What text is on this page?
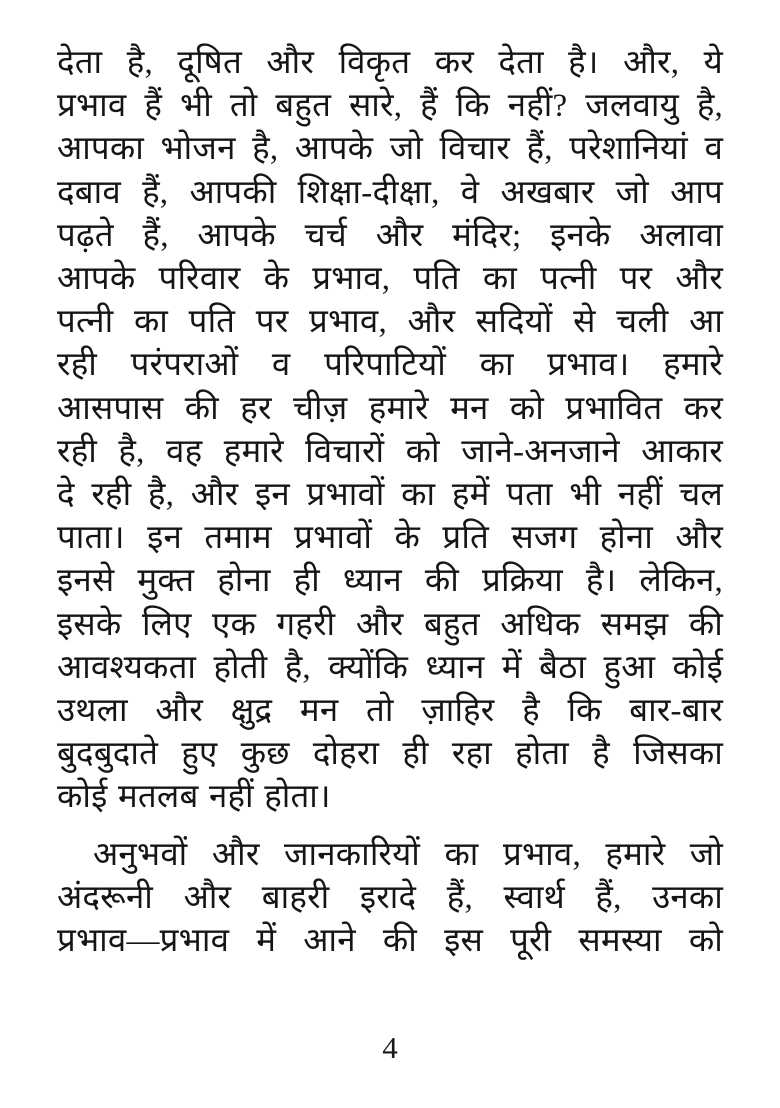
देता है, दूषित और विकृत कर देता है। और, ये
प्रभाव हैं भी तो बहुत सारे, हैं कि नहीं? जलवायु है,
आपका भोजन है, आपके जो विचार हैं, परेशानियां व
दबाव हैं, आपकी शिक्षा-दीक्षा, वे अखबार जो आप
पढ़ते हैं, आपके चर्च और मंदिर; इनके अलावा
आपके परिवार के प्रभाव, पति का पत्नी पर और
पत्नी का पति पर प्रभाव, और सदियों से चली आ
रही परंपराओं व परिपाटियों का प्रभाव। हमारे
आसपास की हर चीज़ हमारे मन को प्रभावित कर
रही है, वह हमारे विचारों को जाने-अनजाने आकार
दे रही है, और इन प्रभावों का हमें पता भी नहीं चल
पाता। इन तमाम प्रभावों के प्रति सजग होना और
इनसे मुक्त होना ही ध्यान की प्रक्रिया है। लेकिन,
इसके लिए एक गहरी और बहुत अधिक समझ की
आवश्यकता होती है, क्योंकि ध्यान में बैठा हुआ कोई
उथला और क्षुद्र मन तो ज़ाहिर है कि बार-बार
बुदबुदाते हुए कुछ दोहरा ही रहा होता है जिसका
कोई मतलब नहीं होता।
अनुभवों और जानकारियों का प्रभाव, हमारे जो
अंदरूनी और बाहरी इरादे हैं, स्वार्थ हैं, उनका
प्रभाव—प्रभाव में आने की इस पूरी समस्या को
4
